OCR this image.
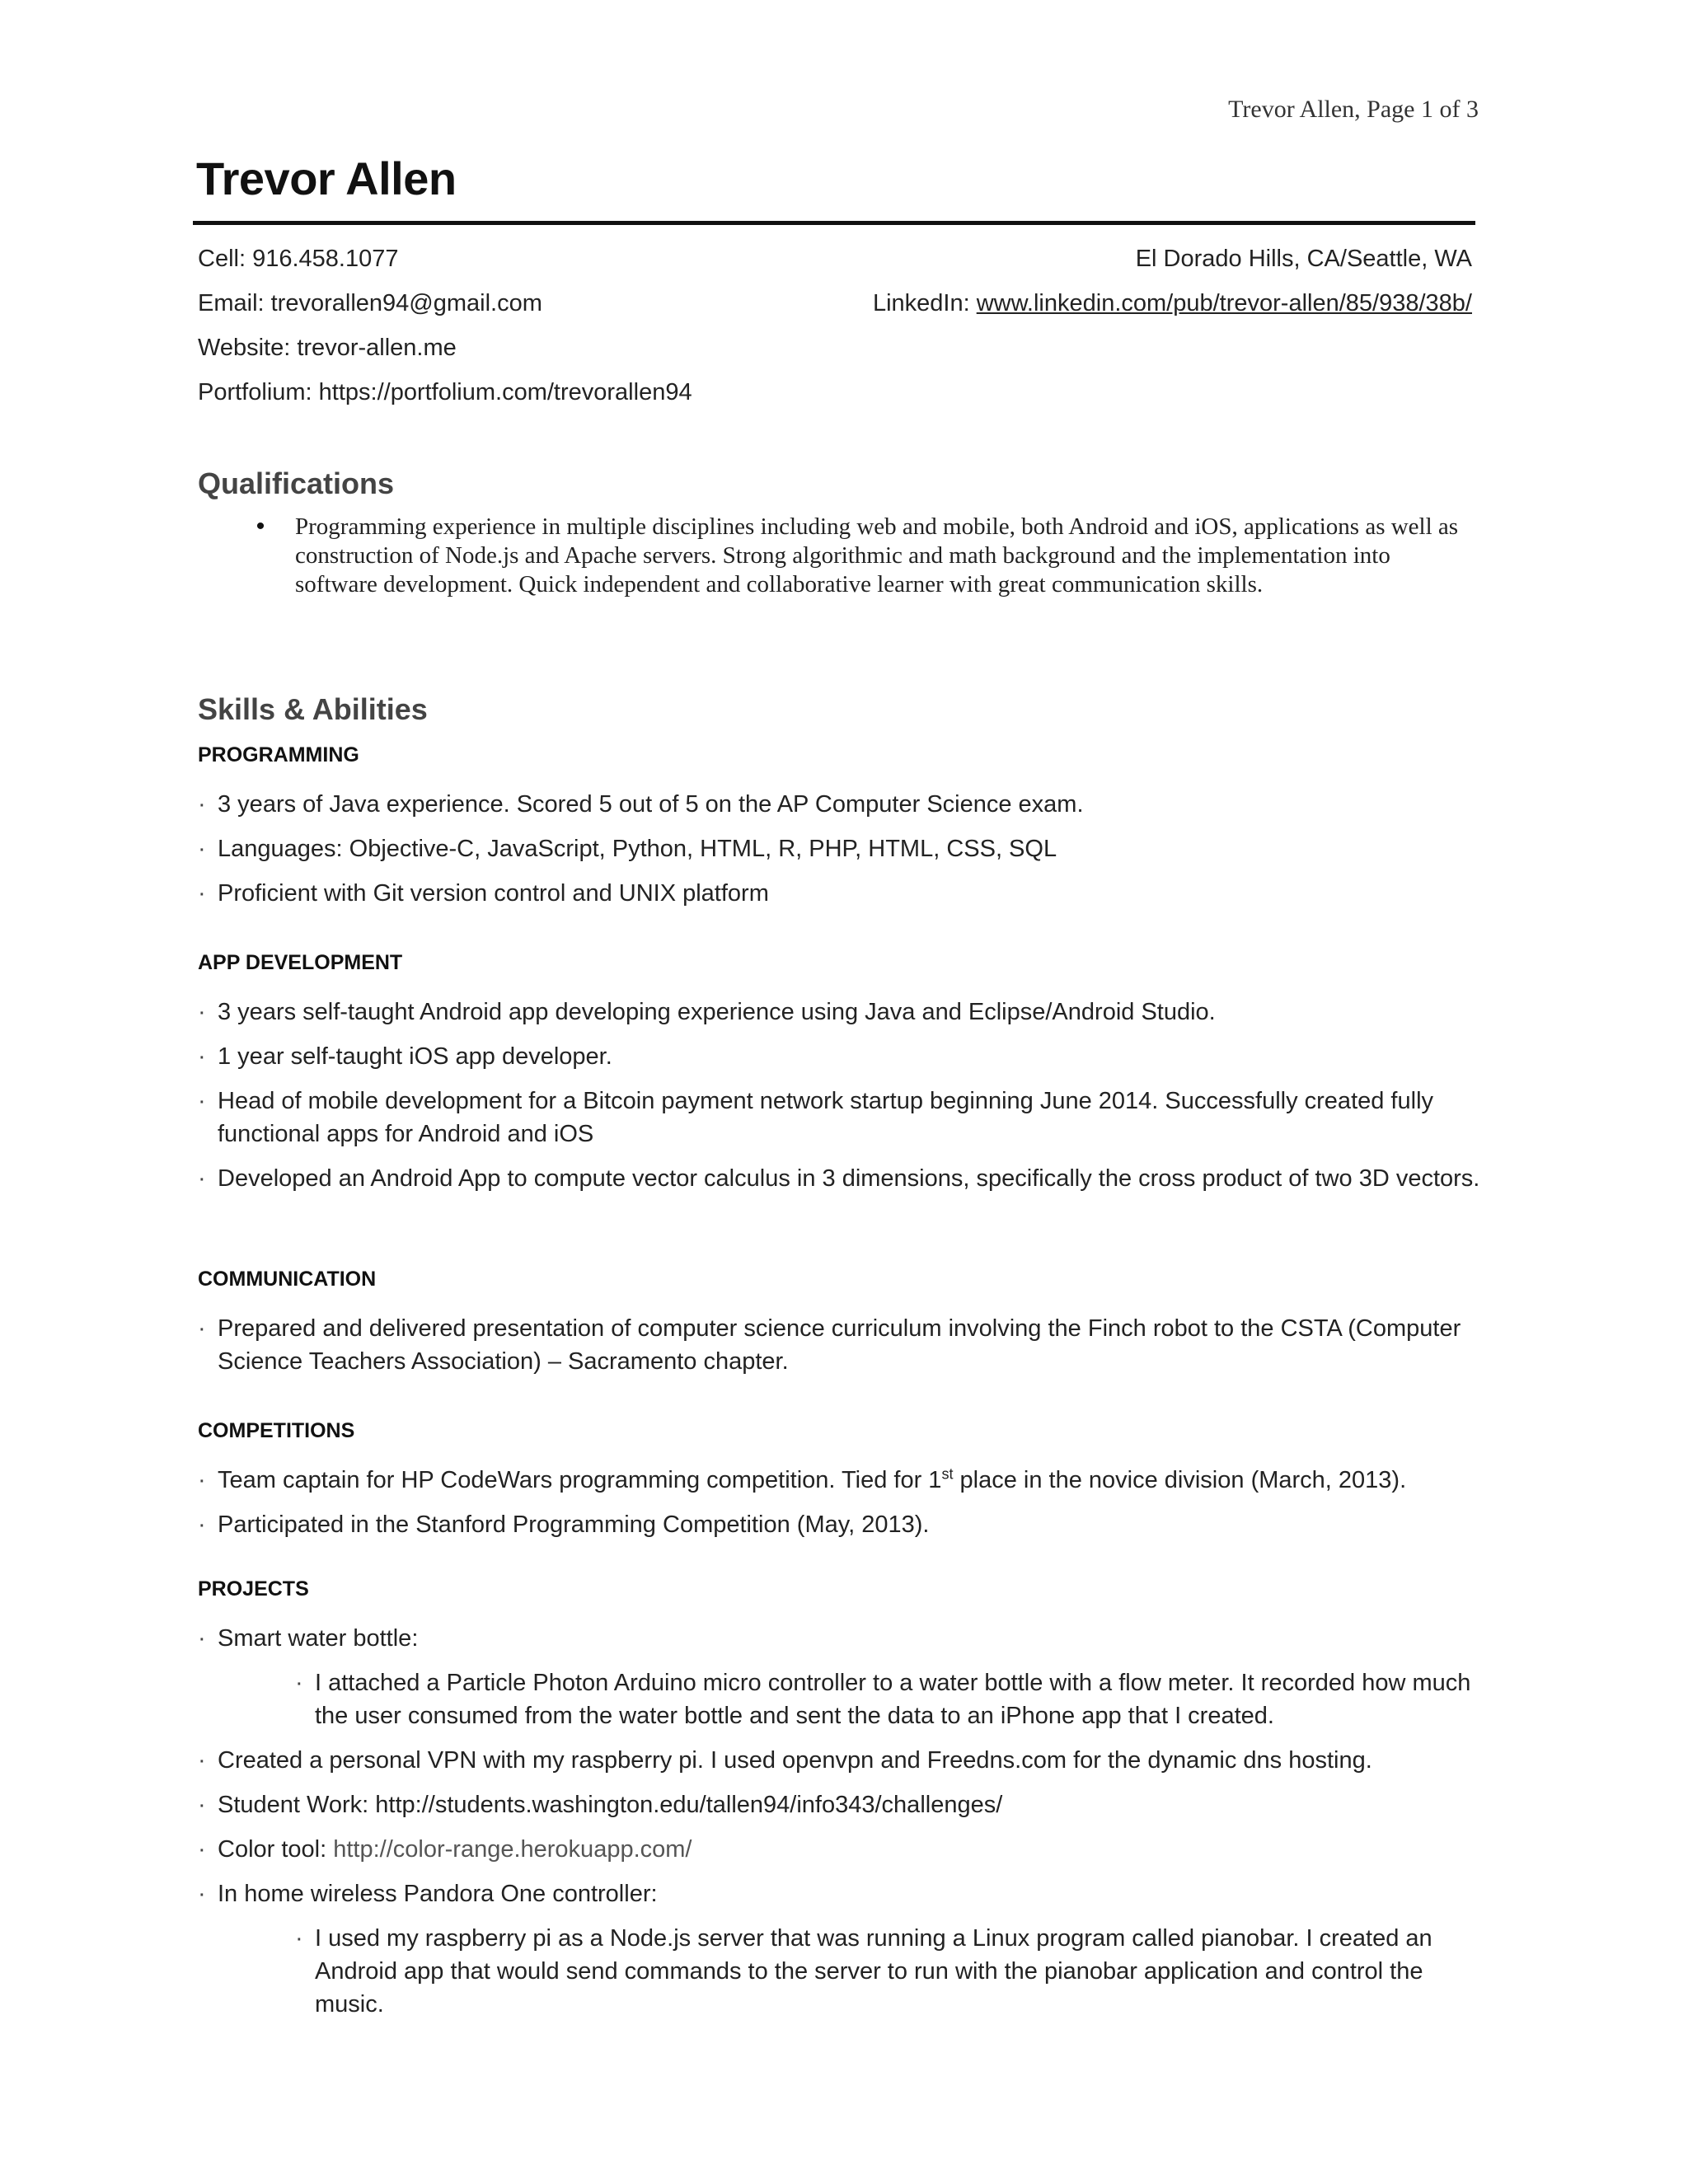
Trevor Allen, Page 1 of 3
Trevor Allen
Cell: 916.458.1077	El Dorado Hills, CA/Seattle, WA
Email: trevorallen94@gmail.com	LinkedIn: www.linkedin.com/pub/trevor-allen/85/938/38b/
Website: trevor-allen.me
Portfolium: https://portfolium.com/trevorallen94
Qualifications
•	Programming experience in multiple disciplines including web and mobile, both Android and iOS, applications as well as construction of Node.js and Apache servers. Strong algorithmic and math background and the implementation into software development. Quick independent and collaborative learner with great communication skills.
Skills & Abilities
PROGRAMMING
· 3 years of Java experience. Scored 5 out of 5 on the AP Computer Science exam.
· Languages: Objective-C, JavaScript, Python, HTML, R, PHP, HTML, CSS, SQL
· Proficient with Git version control and UNIX platform
APP DEVELOPMENT
· 3 years self-taught Android app developing experience using Java and Eclipse/Android Studio.
· 1 year self-taught iOS app developer.
· Head of mobile development for a Bitcoin payment network startup beginning June 2014. Successfully created fully functional apps for Android and iOS
· Developed an Android App to compute vector calculus in 3 dimensions, specifically the cross product of two 3D vectors.
COMMUNICATION
· Prepared and delivered presentation of computer science curriculum involving the Finch robot to the CSTA (Computer Science Teachers Association) – Sacramento chapter.
COMPETITIONS
· Team captain for HP CodeWars programming competition. Tied for 1st place in the novice division (March, 2013).
· Participated in the Stanford Programming Competition (May, 2013).
PROJECTS
· Smart water bottle:
· I attached a Particle Photon Arduino micro controller to a water bottle with a flow meter. It recorded how much the user consumed from the water bottle and sent the data to an iPhone app that I created.
· Created a personal VPN with my raspberry pi. I used openvpn and Freedns.com for the dynamic dns hosting.
· Student Work: http://students.washington.edu/tallen94/info343/challenges/
· Color tool: http://color-range.herokuapp.com/
· In home wireless Pandora One controller:
· I used my raspberry pi as a Node.js server that was running a Linux program called pianobar. I created an Android app that would send commands to the server to run with the pianobar application and control the music.
